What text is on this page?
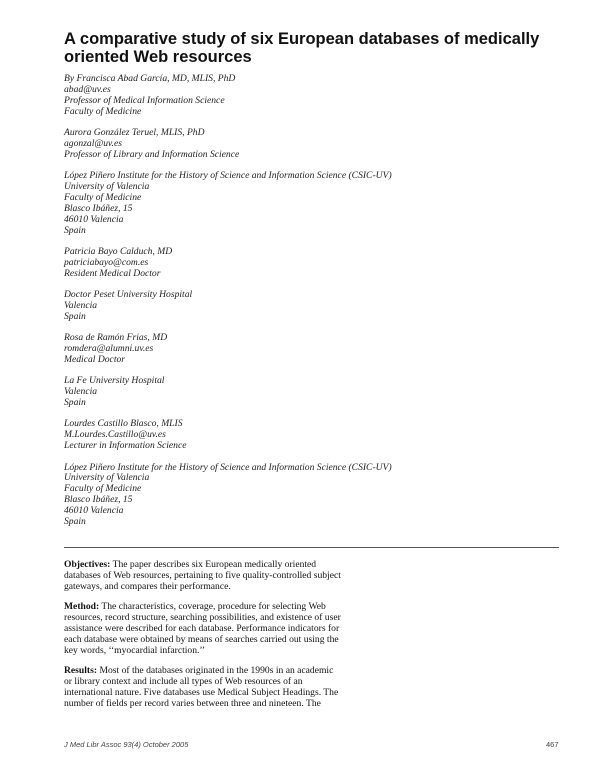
A comparative study of six European databases of medically oriented Web resources
By Francisca Abad García, MD, MLIS, PhD
abad@uv.es
Professor of Medical Information Science
Faculty of Medicine
Aurora González Teruel, MLIS, PhD
agonzal@uv.es
Professor of Library and Information Science
López Piñero Institute for the History of Science and Information Science (CSIC-UV)
University of Valencia
Faculty of Medicine
Blasco Ibáñez, 15
46010 Valencia
Spain
Patricia Bayo Calduch, MD
patriciabayo@com.es
Resident Medical Doctor
Doctor Peset University Hospital
Valencia
Spain
Rosa de Ramón Frias, MD
romdera@alumni.uv.es
Medical Doctor
La Fe University Hospital
Valencia
Spain
Lourdes Castillo Blasco, MLIS
M.Lourdes.Castillo@uv.es
Lecturer in Information Science
López Piñero Institute for the History of Science and Information Science (CSIC-UV)
University of Valencia
Faculty of Medicine
Blasco Ibáñez, 15
46010 Valencia
Spain
Objectives: The paper describes six European medically oriented
databases of Web resources, pertaining to five quality-controlled subject
gateways, and compares their performance.
Method: The characteristics, coverage, procedure for selecting Web
resources, record structure, searching possibilities, and existence of user
assistance were described for each database. Performance indicators for
each database were obtained by means of searches carried out using the
key words, ‘‘myocardial infarction.’’
Results: Most of the databases originated in the 1990s in an academic
or library context and include all types of Web resources of an
international nature. Five databases use Medical Subject Headings. The
number of fields per record varies between three and nineteen. The
J Med Libr Assoc 93(4) October 2005	467
